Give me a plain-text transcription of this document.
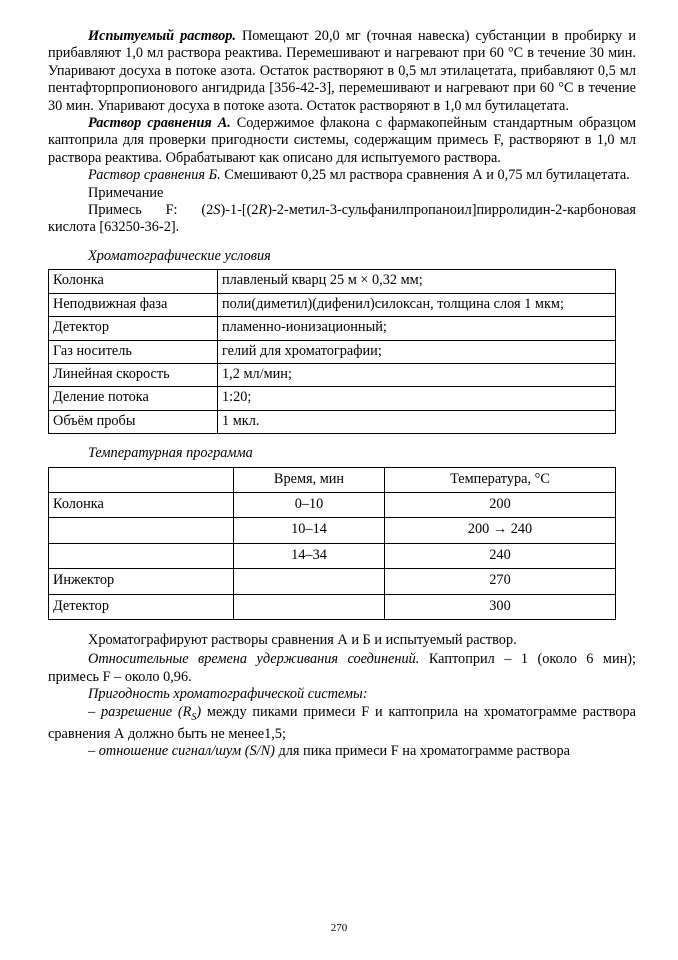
Испытуемый раствор. Помещают 20,0 мг (точная навеска) субстанции в пробирку и прибавляют 1,0 мл раствора реактива. Перемешивают и нагревают при 60 °C в течение 30 мин. Упаривают досуха в потоке азота. Остаток растворяют в 0,5 мл этилацетата, прибавляют 0,5 мл пентафторпропионового ангидрида [356-42-3], перемешивают и нагревают при 60 °C в течение 30 мин. Упаривают досуха в потоке азота. Остаток растворяют в 1,0 мл бутилацетата.

Раствор сравнения А. Содержимое флакона с фармакопейным стандартным образцом каптоприла для проверки пригодности системы, содержащим примесь F, растворяют в 1,0 мл раствора реактива. Обрабатывают как описано для испытуемого раствора.

Раствор сравнения Б. Смешивают 0,25 мл раствора сравнения А и 0,75 мл бутилацетата.

Примечание

Примесь F: (2S)-1-[(2R)-2-метил-3-сульфанилпропаноил]пирролидин-2-карбоновая кислота [63250-36-2].

Хроматографические условия
Колонка	плавленый кварц 25 м × 0,32 мм;
Неподвижная фаза	поли(диметил)(дифенил)силоксан, толщина слоя 1 мкм;
Детектор	пламенно-ионизационный;
Газ носитель	гелий для хроматографии;
Линейная скорость	1,2 мл/мин;
Деление потока	1:20;
Объём пробы	1 мкл.
Температурная программа
	Время, мин	Температура, °С
Колонка	0–10	200
	10–14	200 → 240
	14–34	240
Инжектор		270
Детектор		300

Хроматографируют растворы сравнения А и Б и испытуемый раствор.

Относительные времена удерживания соединений. Каптоприл – 1 (около 6 мин); примесь F – около 0,96.

Пригодность хроматографической системы:

– разрешение $(R_S)$ между пиками примеси F и каптоприла на хроматограмме раствора сравнения А должно быть не менее1,5;

– отношение сигнал/шум (S/N) для пика примеси F на хроматограмме раствора

270
